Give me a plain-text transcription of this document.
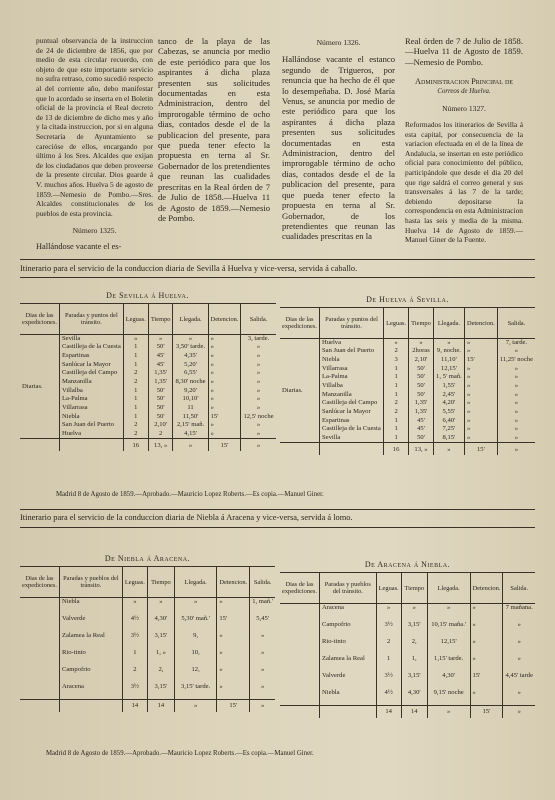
puntual observancia de la instruccion de 24 de diciembre de 1856, que por medio de esta circular recuerdo, con objeto de que este importante servicio no sufra retraso, como sucedió respecto al del corriente año, debo manifestar que lo acordado se inserta en el Boletin oficial de la provincia el Real decreto de 13 de diciembre de dicho mes y año y la citada instruccion, por si en alguna Secretaría de Ayuntamiento se carecióse de ellos, encargando por último á los Sres. Alcaldes que exijan de los ciudadanos que deben proveerse de la presente circular. Dios guarde á V. muchos años. Huelva 5 de agosto de 1859.—Nemesio de Pombo.—Sres. Alcaldes constitucionales de los pueblos de esta provincia.

Número 1325.

Hallándose vacante el es-

tanco de la playa de las Cabezas, se anuncia por medio de este periódico para que los aspirantes á dicha plaza presenten sus solicitudes documentadas en esta Administracion, dentro del improrogable término de ocho dias, contados desde el de la publicacion del presente, para que pueda tener efecto la propuesta en terna al Sr. Gobernador de los pretendientes que reunan las cualidades prescritas en la Real órden de 7 de Julio de 1858.—Huelva 11 de Agosto de 1859.—Nemesio de Pombo.

Número 1326.

Hallándose vacante el estanco segundo de Trigueros, por renuncia que ha hecho de él que lo desempeñaba. D. José María Venus, se anuncia por medio de este periódico para que los aspirantes á dicha plaza presenten sus solicitudes documentadas en esta Administracion, dentro del improrogable término de ocho dias, contados desde el de la publicacion del presente, para que pueda tener efecto la propuesta en terna al Sr. Gobernador, de los pretendientes que reunan las cualidades prescritas en la

Real órden de 7 de Julio de 1858.—Huelva 11 de Agosto de 1859.—Nemesio de Pombo.

Administracion Principal de

Correos de Huelva.

Número 1327.

Reformados los itinerarios de Sevilla á esta capital, por consecuencia de la variacion efectuada en el de la línea de Andalucía, se insertan en este periódico oficial para conocimiento del público, participándole que desde el dia 20 del que rige saldrá el correo general y sus transversales á las 7 de la tarde; debiendo depositarse la correspondencia en esta Administracion hasta las seis y media de la misma. Huelva 14 de Agosto de 1859.—Manuel Giner de la Fuente.

Itinerario para el servicio de la conduccion diaria de Sevilla á Huelva y vice-versa, servida á caballo.
De Sevilla á Huelva.
Dias de las expediciones.	Paradas y puntos del tránsito.	Leguas.	Tiempo	Llegada.	Detencion.	Salida.
Diarias.	Sevilla	»	»	»	»	3, tarde.
	Castilleja de la Cuesta	1	50'	3,50' tarde.	»	»
	Espartinas	1	45'	4,35'	»	»
	Sanlúcar la Mayor	1	45'	5,20'	»	»
	Castilleja del Campo	2	1,35'	6,55'	»	»
	Manzanilla	2	1,35'	8,30' noche	»	»
	Villalba	1	50'	9,20'	»	»
	La-Palma	1	50'	10,10'	»	»
	Villarrasa	1	50'	11	»	»
	Niebla	1	50'	11,50'	15'	12,5' noche
	San Juan del Puerto	2	2,10'	2,15' mañ.	»	»
	Huelva	2	2	4,15'	»	»
		16	13, »	»	15'	»
De Huelva á Sevilla.
Dias de las expediciones.	Paradas y puntos del tránsito.	Leguas.	Tiempo	Llegada.	Detencion.	Salida.
Diarias.	Huelva	»	»	»	»	7, tarde.
	San Juan del Puerto	2	2horas	9, noche.	»	»
	Niebla	3	2,10'	11,10'	15'	11,25' noche
	Villarrasa	1	50'	12,15'	»	»
	La-Palma	1	50'	1, 5' mañ.	»	»
	Villalba	1	50'	1,55'	»	»
	Manzanilla	1	50'	2,45'	»	»
	Castilleja del Campo	2	1,35'	4,20'	»	»
	Sanlúcar la Mayor	2	1,35'	5,55'	»	»
	Espartinas	1	45'	6,40'	»	»
	Castilleja de la Cuesta	1	45'	7,25'	»	»
	Sevilla	1	50'	8,15'	»	»
		16	13, »	»	15'	»
Madrid 8 de Agosto de 1859.—Aprobado.—Mauricio Lopez Roberts.—Es copia.—Manuel Giner.
Itinerario para el servicio de la conduccion diaria de Niebla á Aracena y vice-versa, servida á lomo.
De Niebla á Aracena.
Dias de las expediciones.	Paradas y pueblos del tránsito.	Leguas.	Tiempo	Llegada.	Detencion.	Salida.
	Niebla	»	»	»	»	1, mañ.'
	Valverde	4½	4,30'	5,30' mañ.'	15'	5,45'
	Zalamea la Real	3½	3,15'	9,	»	»
	Rio-tinto	1	1, »	10,	»	»
	Campofrio	2	2,	12,	»	»
	Aracena	3½	3,15'	3,15' tarde.	»	»
		14	14	»	15'	»
De Aracena á Niebla.
Dias de las expediciones.	Paradas y pueblos del tránsito.	Leguas.	Tiempo	Llegada.	Detencion.	Salida.
	Aracena	»	»	»	»	7 mañana.
	Campofrio	3½	3,15'	10,15' maña.'	»	»
	Rio-tinto	2	2,	12,15'	»	»
	Zalamea la Real	1	1,	1,15' tarde.	»	»
	Valverde	3½	3,15'	4,30'	15'	4,45' tarde
	Niebla	4½	4,30'	9,15' noche	»	»
		14	14	»	15'	»
Madrid 8 de Agosto de 1859.—Aprobado.—Mauricio Lopez Roberts.—Es copia.—Manuel Giner.
